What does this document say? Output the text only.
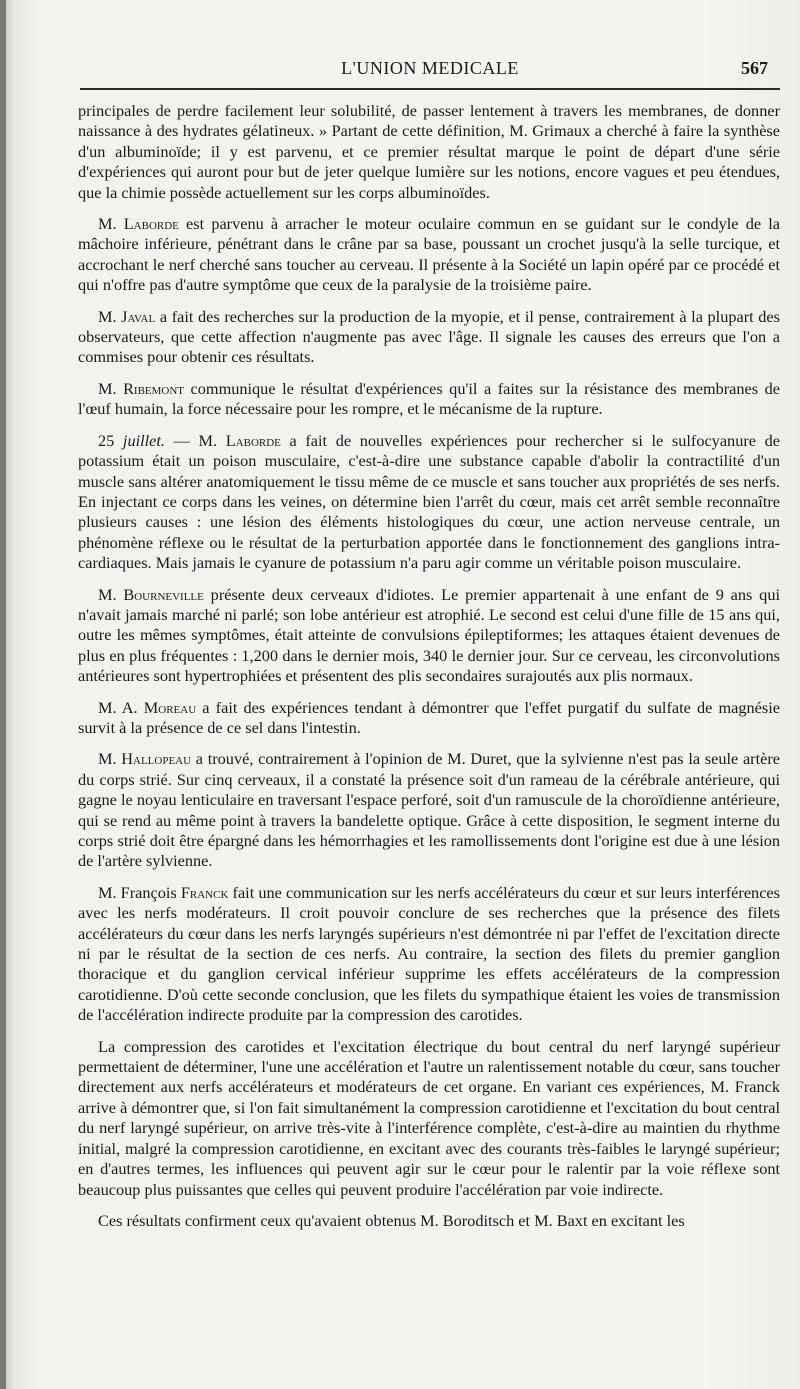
L'UNION MEDICALE	567

principales de perdre facilement leur solubilité, de passer lentement à travers les membranes, de donner naissance à des hydrates gélatineux. » Partant de cette définition, M. Grimaux a cherché à faire la synthèse d'un albuminoïde; il y est parvenu, et ce premier résultat marque le point de départ d'une série d'expériences qui auront pour but de jeter quelque lumière sur les notions, encore vagues et peu étendues, que la chimie possède actuellement sur les corps albuminoïdes.

M. Laborde est parvenu à arracher le moteur oculaire commun en se guidant sur le condyle de la mâchoire inférieure, pénétrant dans le crâne par sa base, poussant un crochet jusqu'à la selle turcique, et accrochant le nerf cherché sans toucher au cerveau. Il présente à la Société un lapin opéré par ce procédé et qui n'offre pas d'autre symptôme que ceux de la paralysie de la troisième paire.

M. Javal a fait des recherches sur la production de la myopie, et il pense, contrairement à la plupart des observateurs, que cette affection n'augmente pas avec l'âge. Il signale les causes des erreurs que l'on a commises pour obtenir ces résultats.

M. Ribemont communique le résultat d'expériences qu'il a faites sur la résistance des membranes de l'œuf humain, la force nécessaire pour les rompre, et le mécanisme de la rupture.

25 juillet. — M. Laborde a fait de nouvelles expériences pour rechercher si le sulfocyanure de potassium était un poison musculaire, c'est-à-dire une substance capable d'abolir la contractilité d'un muscle sans altérer anatomiquement le tissu même de ce muscle et sans toucher aux propriétés de ses nerfs. En injectant ce corps dans les veines, on détermine bien l'arrêt du cœur, mais cet arrêt semble reconnaître plusieurs causes : une lésion des éléments histologiques du cœur, une action nerveuse centrale, un phénomène réflexe ou le résultat de la perturbation apportée dans le fonctionnement des ganglions intra-cardiaques. Mais jamais le cyanure de potassium n'a paru agir comme un véritable poison musculaire.

M. Bourneville présente deux cerveaux d'idiotes. Le premier appartenait à une enfant de 9 ans qui n'avait jamais marché ni parlé; son lobe antérieur est atrophié. Le second est celui d'une fille de 15 ans qui, outre les mêmes symptômes, était atteinte de convulsions épileptiformes; les attaques étaient devenues de plus en plus fréquentes : 1,200 dans le dernier mois, 340 le dernier jour. Sur ce cerveau, les circonvolutions antérieures sont hypertrophiées et présentent des plis secondaires surajoutés aux plis normaux.

M. A. Moreau a fait des expériences tendant à démontrer que l'effet purgatif du sulfate de magnésie survit à la présence de ce sel dans l'intestin.

M. Hallopeau a trouvé, contrairement à l'opinion de M. Duret, que la sylvienne n'est pas la seule artère du corps strié. Sur cinq cerveaux, il a constaté la présence soit d'un rameau de la cérébrale antérieure, qui gagne le noyau lenticulaire en traversant l'espace perforé, soit d'un ramuscule de la choroïdienne antérieure, qui se rend au même point à travers la bandelette optique. Grâce à cette disposition, le segment interne du corps strié doit être épargné dans les hémorrhagies et les ramollissements dont l'origine est due à une lésion de l'artère sylvienne.

M. François Franck fait une communication sur les nerfs accélérateurs du cœur et sur leurs interférences avec les nerfs modérateurs. Il croit pouvoir conclure de ses recherches que la présence des filets accélérateurs du cœur dans les nerfs laryngés supérieurs n'est démontrée ni par l'effet de l'excitation directe ni par le résultat de la section de ces nerfs. Au contraire, la section des filets du premier ganglion thoracique et du ganglion cervical inférieur supprime les effets accélérateurs de la compression carotidienne. D'où cette seconde conclusion, que les filets du sympathique étaient les voies de transmission de l'accélération indirecte produite par la compression des carotides.

La compression des carotides et l'excitation électrique du bout central du nerf laryngé supérieur permettaient de déterminer, l'une une accélération et l'autre un ralentissement notable du cœur, sans toucher directement aux nerfs accélérateurs et modérateurs de cet organe. En variant ces expériences, M. Franck arrive à démontrer que, si l'on fait simultanément la compression carotidienne et l'excitation du bout central du nerf laryngé supérieur, on arrive très-vite à l'interférence complète, c'est-à-dire au maintien du rhythme initial, malgré la compression carotidienne, en excitant avec des courants très-faibles le laryngé supérieur; en d'autres termes, les influences qui peuvent agir sur le cœur pour le ralentir par la voie réflexe sont beaucoup plus puissantes que celles qui peuvent produire l'accélération par voie indirecte.

Ces résultats confirment ceux qu'avaient obtenus M. Boroditsch et M. Baxt en excitant les
